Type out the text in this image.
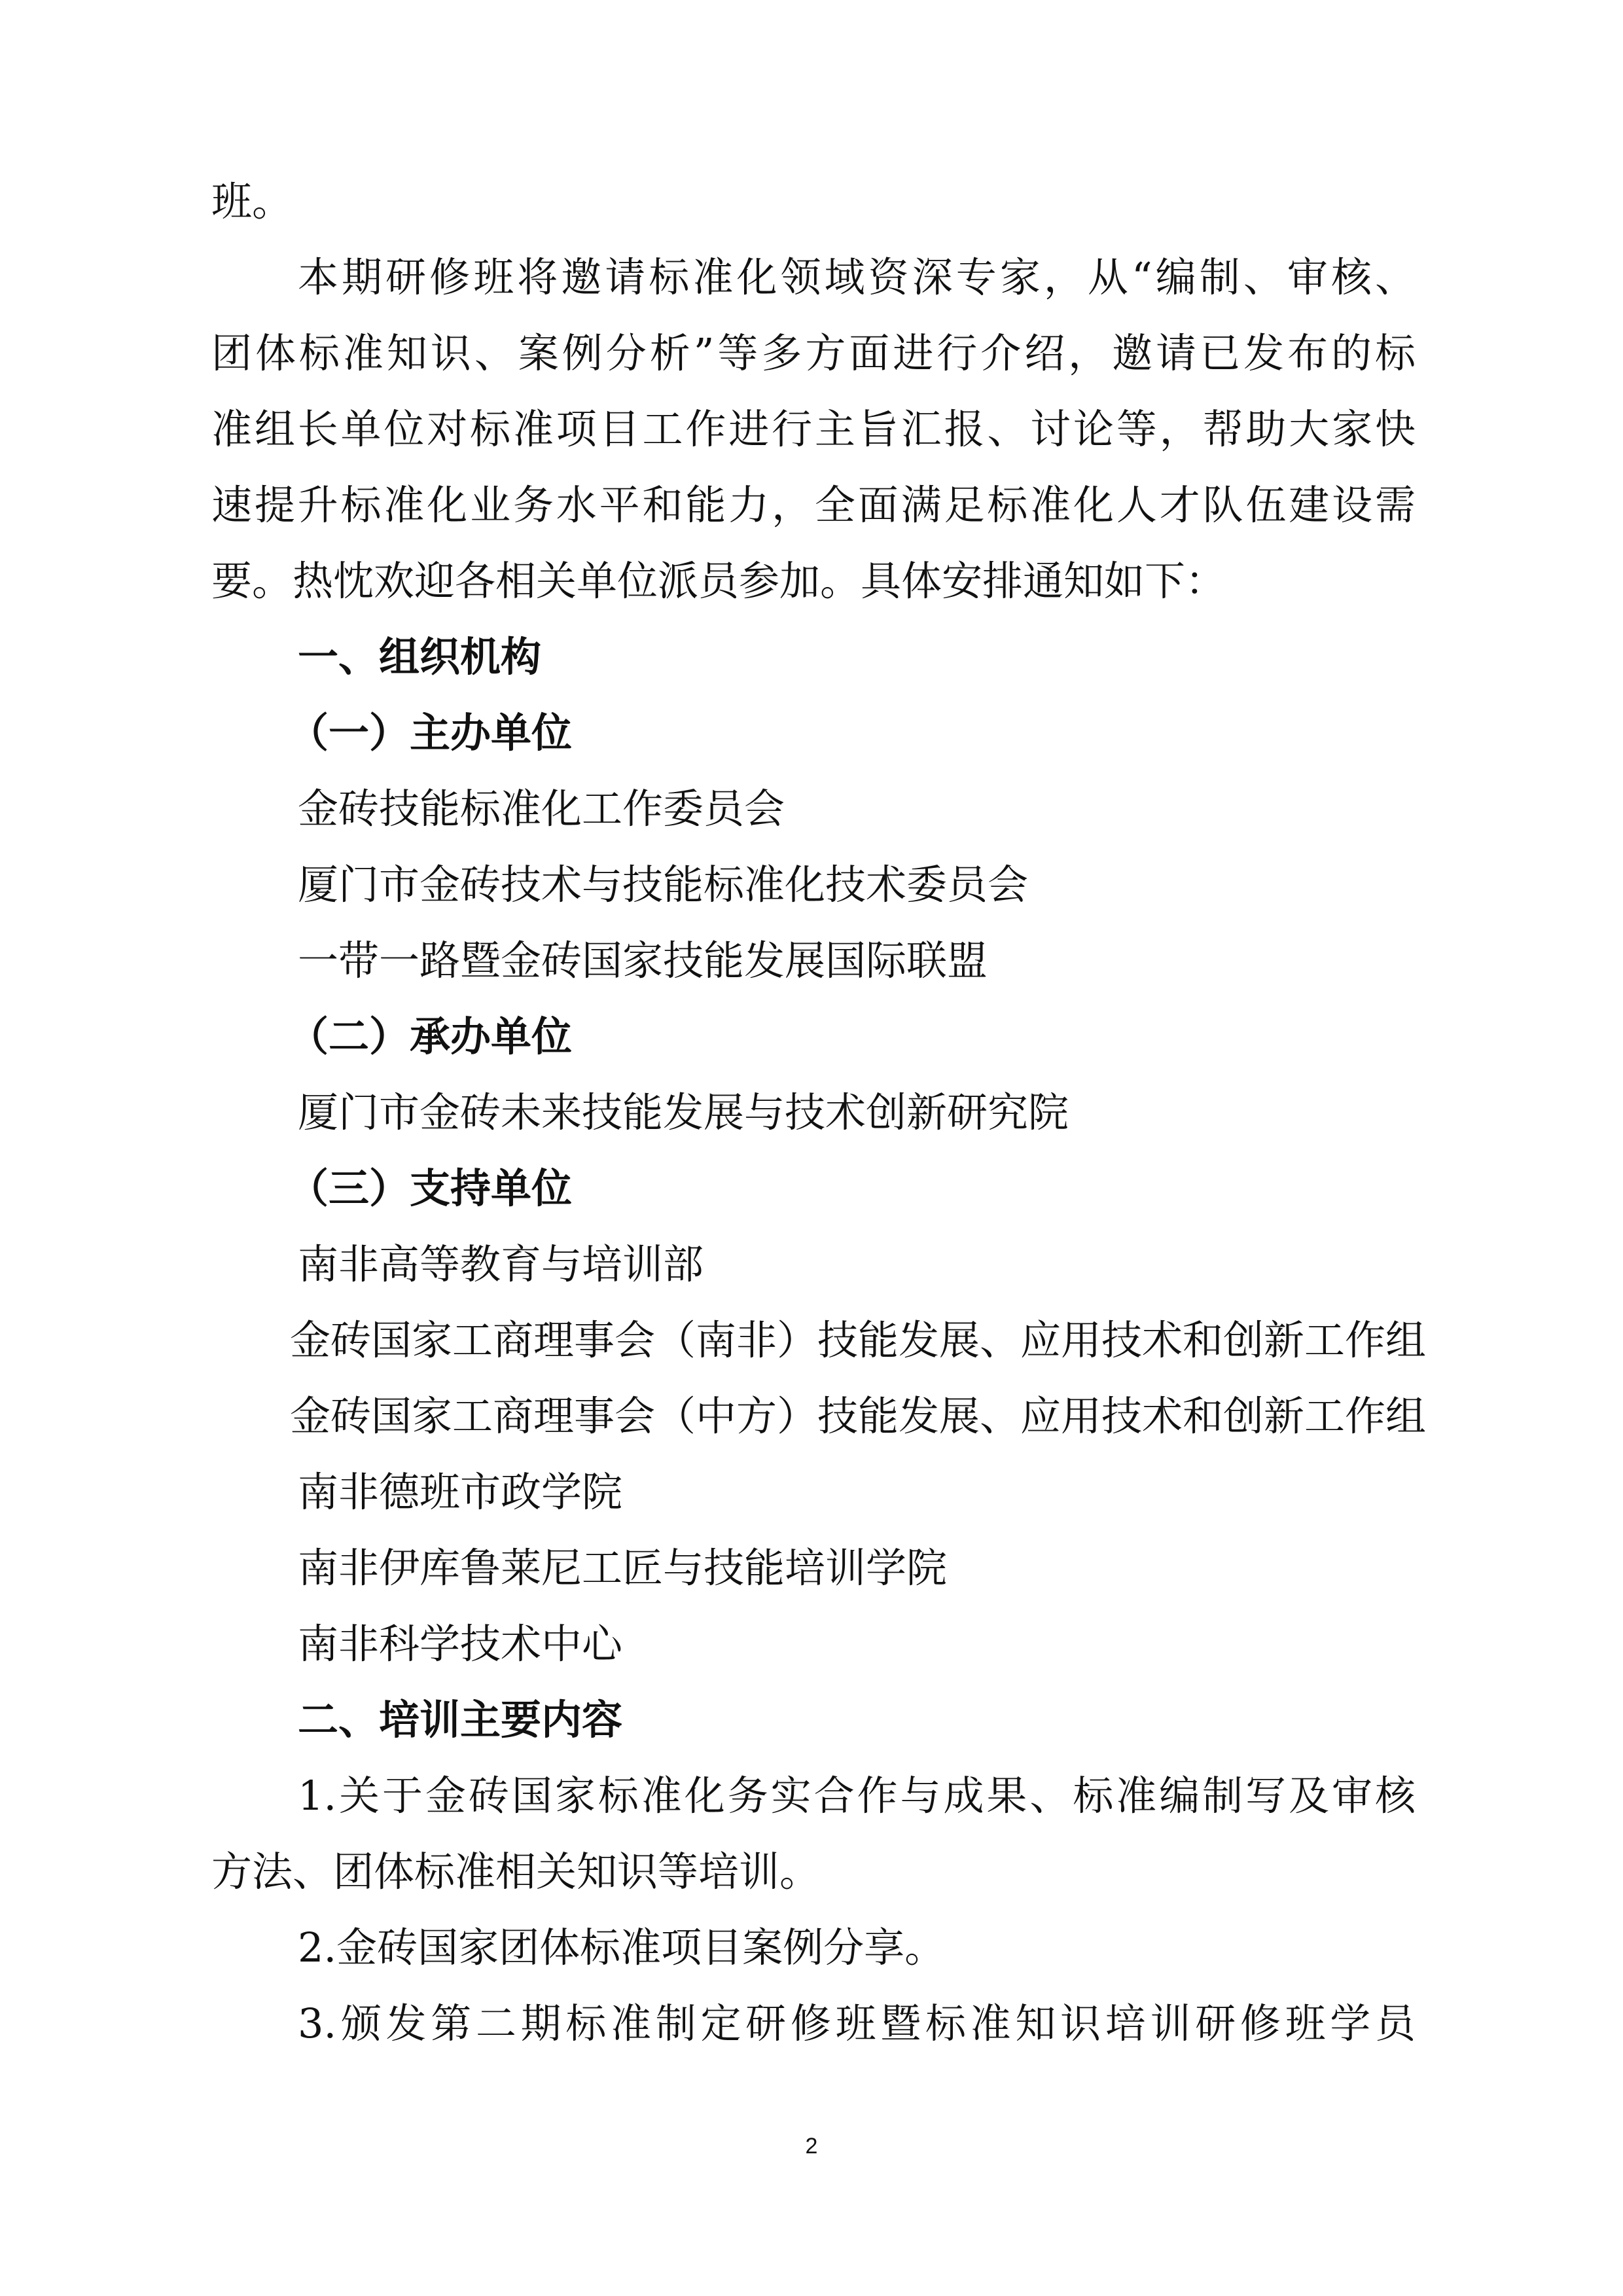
班。
本期研修班将邀请标准化领域资深专家，从“编制、审核、
团体标准知识、案例分析”等多方面进行介绍，邀请已发布的标
准组长单位对标准项目工作进行主旨汇报、讨论等，帮助大家快
速提升标准化业务水平和能力，全面满足标准化人才队伍建设需
要。热忱欢迎各相关单位派员参加。具体安排通知如下：
一、组织机构
（一）主办单位
金砖技能标准化工作委员会
厦门市金砖技术与技能标准化技术委员会
一带一路暨金砖国家技能发展国际联盟
（二）承办单位
厦门市金砖未来技能发展与技术创新研究院
（三）支持单位
南非高等教育与培训部
金砖国家工商理事会（南非）技能发展、应用技术和创新工作组
金砖国家工商理事会（中方）技能发展、应用技术和创新工作组
南非德班市政学院
南非伊库鲁莱尼工匠与技能培训学院
南非科学技术中心
二、培训主要内容
1.关于金砖国家标准化务实合作与成果、标准编制写及审核
方法、团体标准相关知识等培训。
2.金砖国家团体标准项目案例分享。
3.颁发第二期标准制定研修班暨标准知识培训研修班学员
2
